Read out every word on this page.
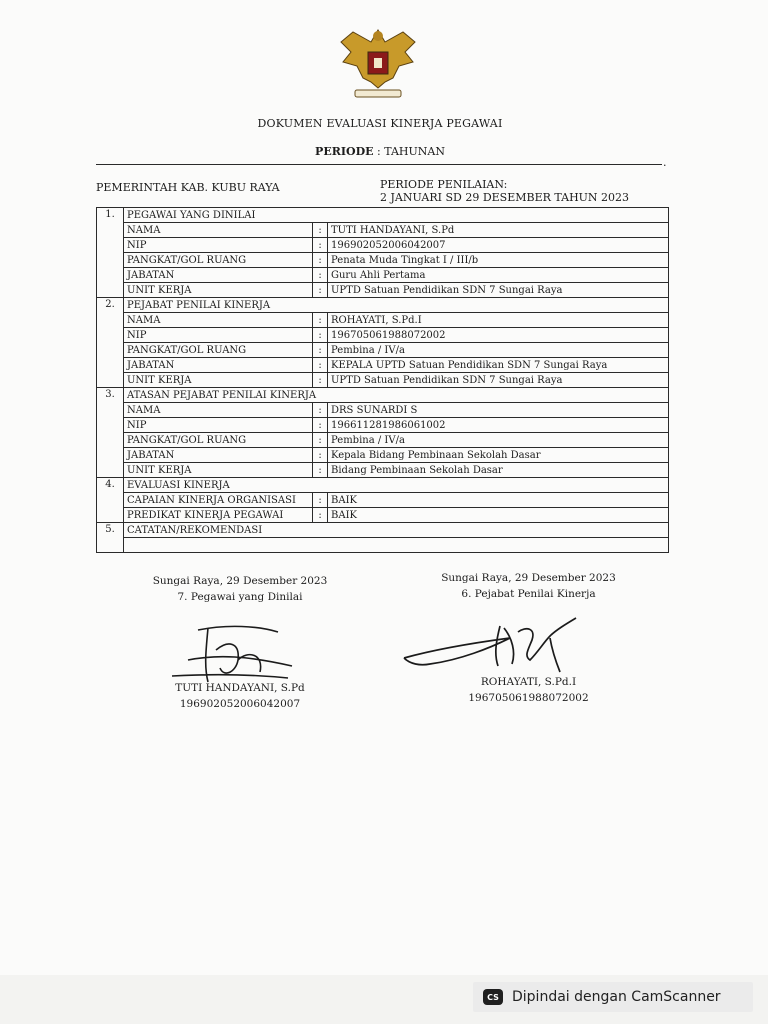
DOKUMEN EVALUASI KINERJA PEGAWAI
PERIODE : TAHUNAN
.
PEMERINTAH KAB. KUBU RAYA	PERIODE PENILAIAN:
2 JANUARI SD 29 DESEMBER TAHUN 2023
1.	PEGAWAI YANG DINILAI		
	NAMA	:	TUTI HANDAYANI, S.Pd
	NIP	:	196902052006042007
	PANGKAT/GOL RUANG	:	Penata Muda Tingkat I / III/b
	JABATAN	:	Guru Ahli Pertama
	UNIT KERJA	:	UPTD Satuan Pendidikan SDN 7 Sungai Raya
2.	PEJABAT PENILAI KINERJA		
	NAMA	:	ROHAYATI, S.Pd.I
	NIP	:	196705061988072002
	PANGKAT/GOL RUANG	:	Pembina / IV/a
	JABATAN	:	KEPALA UPTD Satuan Pendidikan SDN 7 Sungai Raya
	UNIT KERJA	:	UPTD Satuan Pendidikan SDN 7 Sungai Raya
3.	ATASAN PEJABAT PENILAI KINERJA		
	NAMA	:	DRS SUNARDI S
	NIP	:	196611281986061002
	PANGKAT/GOL RUANG	:	Pembina / IV/a
	JABATAN	:	Kepala Bidang Pembinaan Sekolah Dasar
	UNIT KERJA	:	Bidang Pembinaan Sekolah Dasar
4.	EVALUASI KINERJA		
	CAPAIAN KINERJA ORGANISASI	:	BAIK
	PREDIKAT KINERJA PEGAWAI	:	BAIK
5.	CATATAN/REKOMENDASI		

Sungai Raya, 29 Desember 2023
7. Pegawai yang Dinilai
TUTI HANDAYANI, S.Pd
196902052006042007
Sungai Raya, 29 Desember 2023
6. Pejabat Penilai Kinerja
ROHAYATI, S.Pd.I
196705061988072002
CS Dipindai dengan CamScanner
